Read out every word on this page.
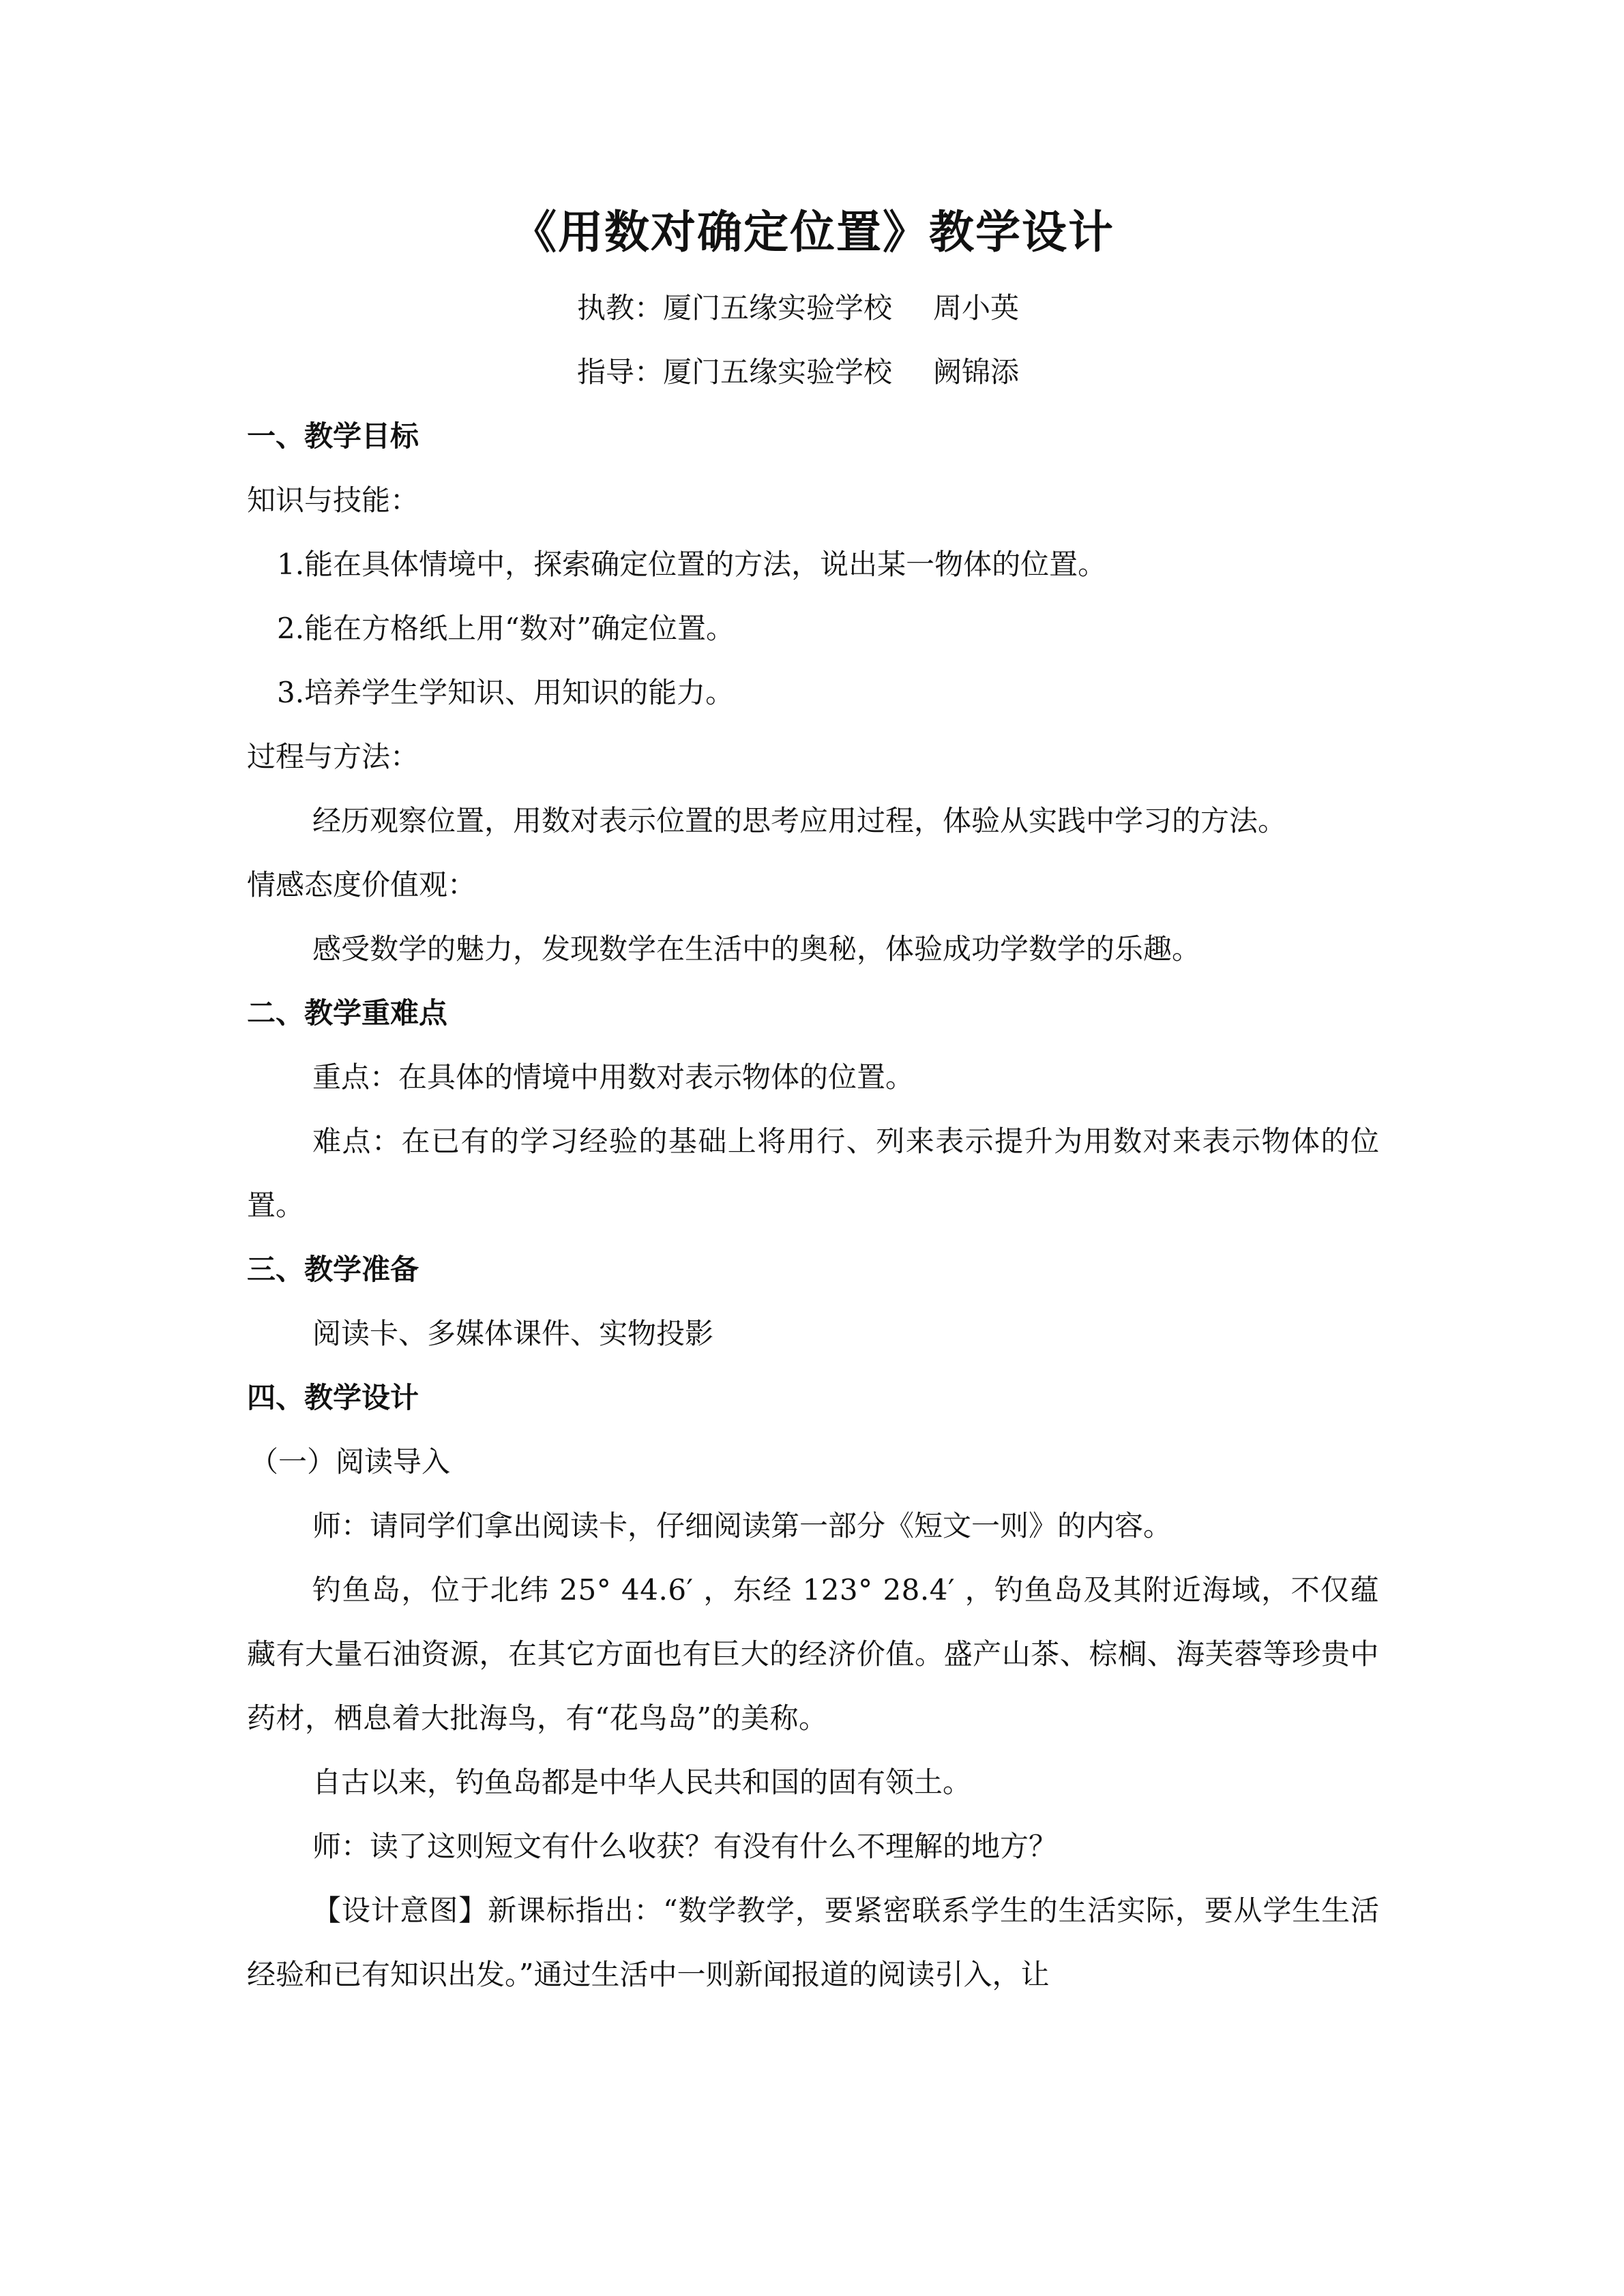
《用数对确定位置》教学设计
执教：厦门五缘实验学校 周小英
指导：厦门五缘实验学校 阙锦添

一、教学目标

知识与技能：

1.能在具体情境中，探索确定位置的方法，说出某一物体的位置。

2.能在方格纸上用“数对”确定位置。

3.培养学生学知识、用知识的能力。

过程与方法：

经历观察位置，用数对表示位置的思考应用过程，体验从实践中学习的方法。

情感态度价值观：

感受数学的魅力，发现数学在生活中的奥秘，体验成功学数学的乐趣。

二、教学重难点

重点：在具体的情境中用数对表示物体的位置。

难点：在已有的学习经验的基础上将用行、列来表示提升为用数对来表示物体的位置。

三、教学准备

阅读卡、多媒体课件、实物投影

四、教学设计

（一）阅读导入

师：请同学们拿出阅读卡，仔细阅读第一部分《短文一则》的内容。

钓鱼岛，位于北纬 25° 44.6′ ，东经 123° 28.4′ ，钓鱼岛及其附近海域，不仅蕴藏有大量石油资源，在其它方面也有巨大的经济价值。盛产山茶、棕榈、海芙蓉等珍贵中药材，栖息着大批海鸟，有“花鸟岛”的美称。

自古以来，钓鱼岛都是中华人民共和国的固有领土。

师：读了这则短文有什么收获？有没有什么不理解的地方？

【设计意图】新课标指出：“数学教学，要紧密联系学生的生活实际，要从学生生活经验和已有知识出发。”通过生活中一则新闻报道的阅读引入，让
